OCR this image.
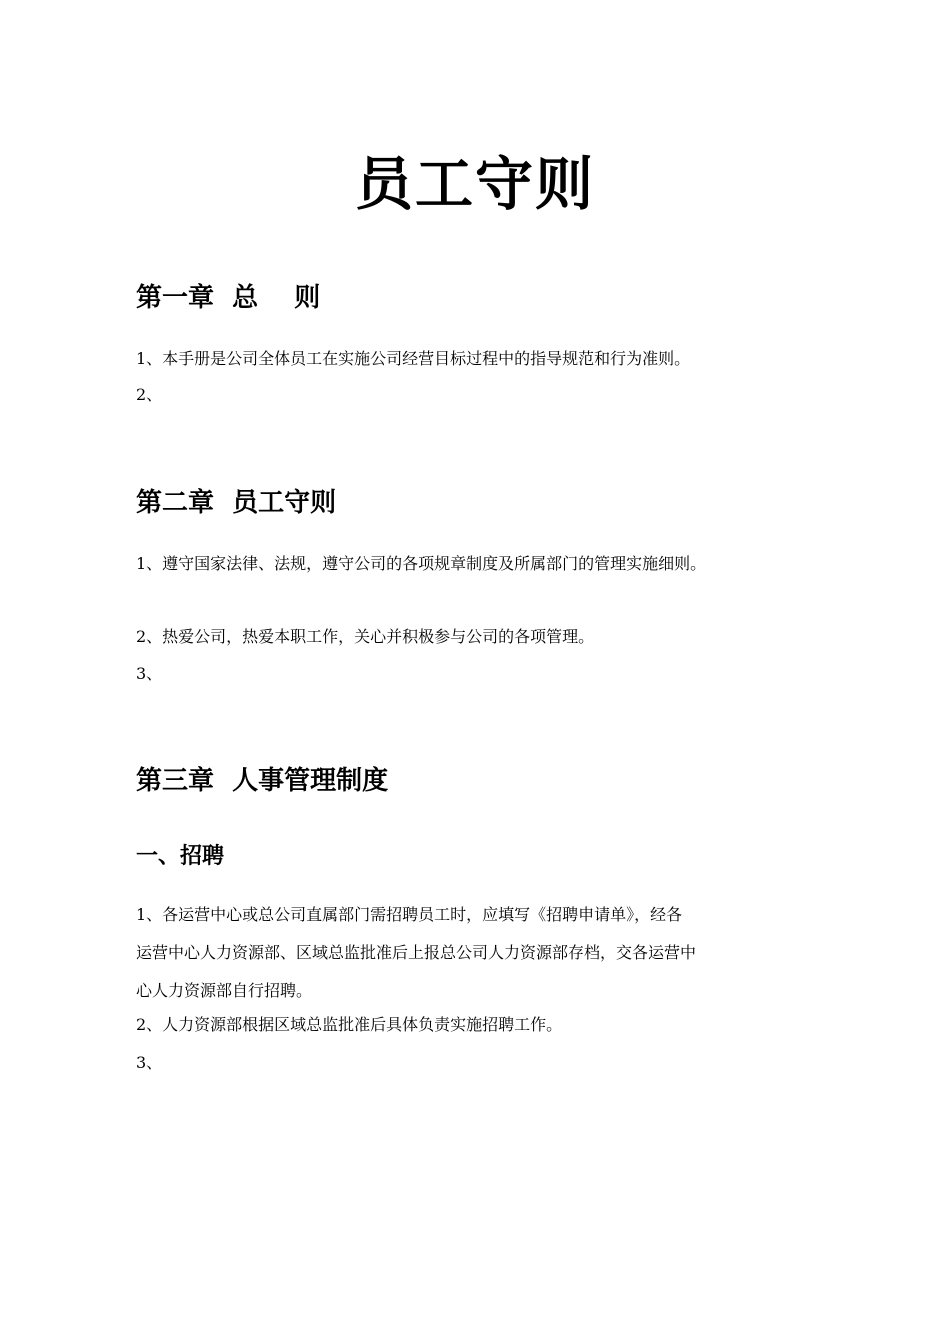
员工守则
第一章  总    则
1、本手册是公司全体员工在实施公司经营目标过程中的指导规范和行为准则。
2、
第二章  员工守则
1、遵守国家法律、法规，遵守公司的各项规章制度及所属部门的管理实施细则。
2、热爱公司，热爱本职工作，关心并积极参与公司的各项管理。
3、
第三章  人事管理制度
一、招聘
1、各运营中心或总公司直属部门需招聘员工时，应填写《招聘申请单》，经各
运营中心人力资源部、区域总监批准后上报总公司人力资源部存档，交各运营中
心人力资源部自行招聘。
2、人力资源部根据区域总监批准后具体负责实施招聘工作。
3、
